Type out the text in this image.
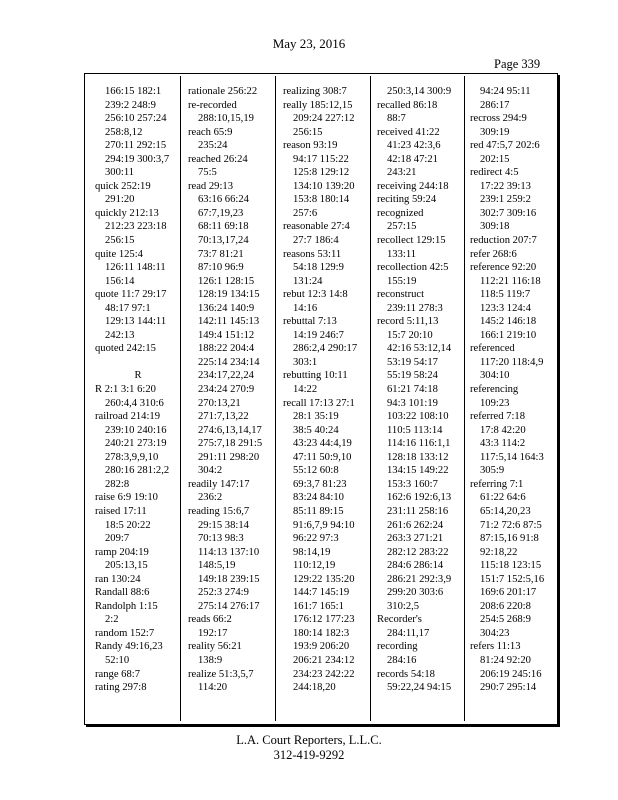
May 23, 2016
Page 339
166:15 182:1
239:2 248:9
256:10 257:24
258:8,12
270:11 292:15
294:19 300:3,7
300:11
quick 252:19
291:20
quickly 212:13
212:23 223:18
256:15
quite 125:4
126:11 148:11
156:14
quote 11:7 29:17
48:17 97:1
129:13 144:11
242:13
quoted 242:15
R
R 2:1 3:1 6:20
260:4,4 310:6
railroad 214:19
239:10 240:16
240:21 273:19
278:3,9,9,10
280:16 281:2,2
282:8
raise 6:9 19:10
raised 17:11
18:5 20:22
209:7
ramp 204:19
205:13,15
ran 130:24
Randall 88:6
Randolph 1:15
2:2
random 152:7
Randy 49:16,23
52:10
range 68:7
rating 297:8
rationale 256:22
re-recorded
288:10,15,19
reach 65:9
235:24
reached 26:24
75:5
read 29:13
63:16 66:24
67:7,19,23
68:11 69:18
70:13,17,24
73:7 81:21
87:10 96:9
126:1 128:15
128:19 134:15
136:24 140:9
142:11 145:13
149:4 151:12
188:22 204:4
225:14 234:14
234:17,22,24
234:24 270:9
270:13,21
271:7,13,22
274:6,13,14,17
275:7,18 291:5
291:11 298:20
304:2
readily 147:17
236:2
reading 15:6,7
29:15 38:14
70:13 98:3
114:13 137:10
148:5,19
149:18 239:15
252:3 274:9
275:14 276:17
reads 66:2
192:17
reality 56:21
138:9
realize 51:3,5,7
114:20
realizing 308:7
really 185:12,15
209:24 227:12
256:15
reason 93:19
94:17 115:22
125:8 129:12
134:10 139:20
153:8 180:14
257:6
reasonable 27:4
27:7 186:4
reasons 53:11
54:18 129:9
131:24
rebut 12:3 14:8
14:16
rebuttal 7:13
14:19 246:7
286:2,4 290:17
303:1
rebutting 10:11
14:22
recall 17:13 27:1
28:1 35:19
38:5 40:24
43:23 44:4,19
47:11 50:9,10
55:12 60:8
69:3,7 81:23
83:24 84:10
85:11 89:15
91:6,7,9 94:10
96:22 97:3
98:14,19
110:12,19
129:22 135:20
144:7 145:19
161:7 165:1
176:12 177:23
180:14 182:3
193:9 206:20
206:21 234:12
234:23 242:22
244:18,20
250:3,14 300:9
recalled 86:18
88:7
received 41:22
41:23 42:3,6
42:18 47:21
243:21
receiving 244:18
reciting 59:24
recognized
257:15
recollect 129:15
133:11
recollection 42:5
155:19
reconstruct
239:11 278:3
record 5:11,13
15:7 20:10
42:16 53:12,14
53:19 54:17
55:19 58:24
61:21 74:18
94:3 101:19
103:22 108:10
110:5 113:14
114:16 116:1,1
128:18 133:12
134:15 149:22
153:3 160:7
162:6 192:6,13
231:11 258:16
261:6 262:24
263:3 271:21
282:12 283:22
284:6 286:14
286:21 292:3,9
299:20 303:6
310:2,5
Recorder's
284:11,17
recording
284:16
records 54:18
59:22,24 94:15
94:24 95:11
286:17
recross 294:9
309:19
red 47:5,7 202:6
202:15
redirect 4:5
17:22 39:13
239:1 259:2
302:7 309:16
309:18
reduction 207:7
refer 268:6
reference 92:20
112:21 116:18
118:5 119:7
123:3 124:4
145:2 146:18
166:1 219:10
referenced
117:20 118:4,9
304:10
referencing
109:23
referred 7:18
17:8 42:20
43:3 114:2
117:5,14 164:3
305:9
referring 7:1
61:22 64:6
65:14,20,23
71:2 72:6 87:5
87:15,16 91:8
92:18,22
115:18 123:15
151:7 152:5,16
169:6 201:17
208:6 220:8
254:5 268:9
304:23
refers 11:13
81:24 92:20
206:19 245:16
290:7 295:14
L.A. Court Reporters, L.L.C.
312-419-9292
